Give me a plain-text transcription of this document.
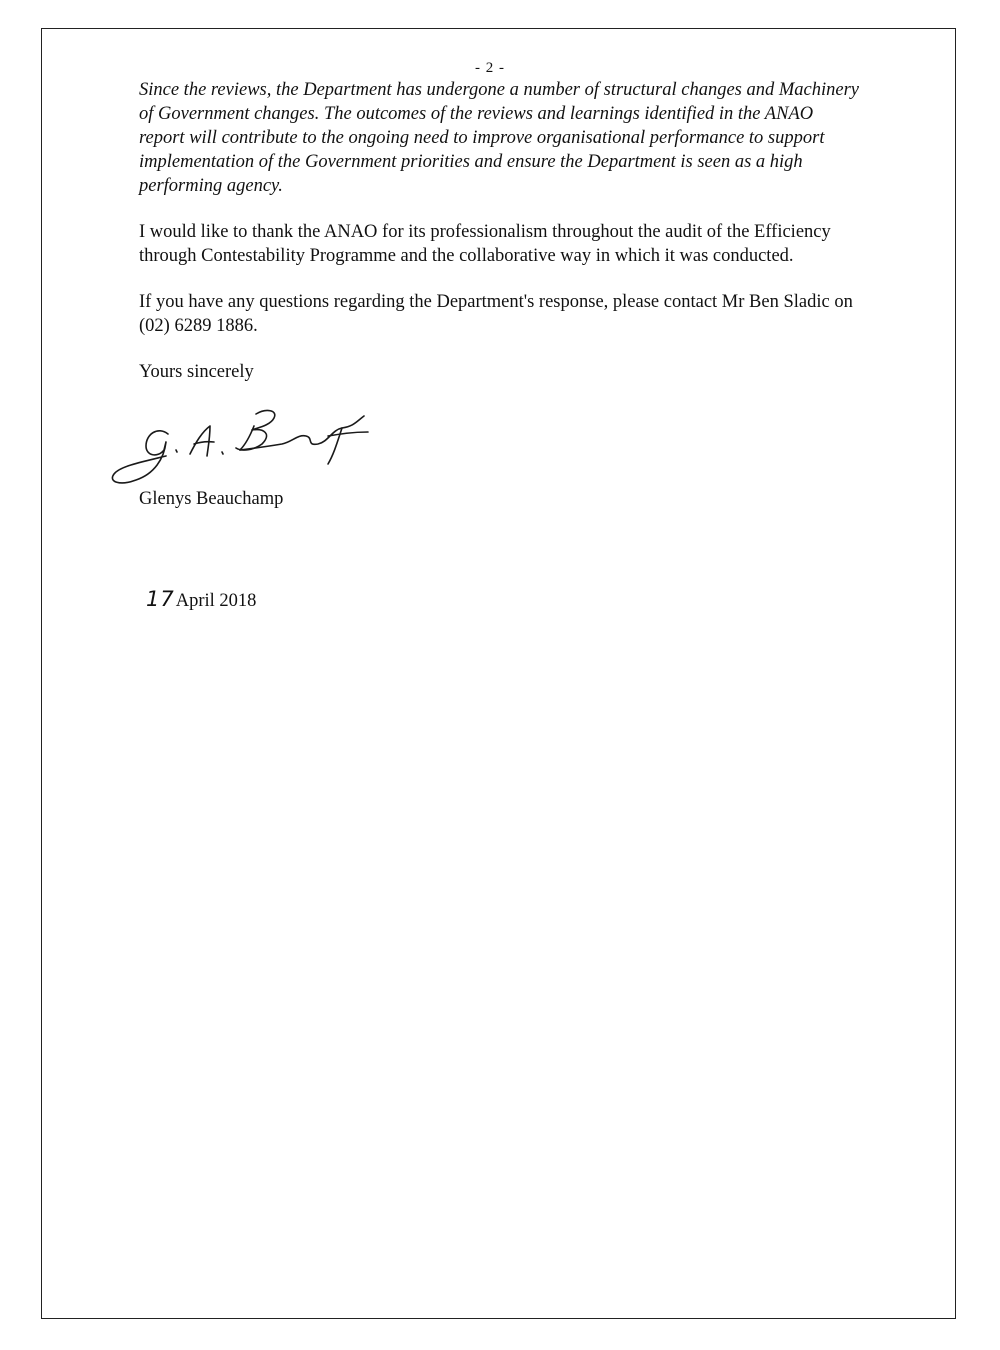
- 2 -

Since the reviews, the Department has undergone a number of structural changes and Machinery of Government changes. The outcomes of the reviews and learnings identified in the ANAO report will contribute to the ongoing need to improve organisational performance to support implementation of the Government priorities and ensure the Department is seen as a high performing agency.

I would like to thank the ANAO for its professionalism throughout the audit of the Efficiency through Contestability Programme and the collaborative way in which it was conducted.

If you have any questions regarding the Department's response, please contact Mr Ben Sladic on (02) 6289 1886.

Yours sincerely

Glenys Beauchamp
17April 2018
